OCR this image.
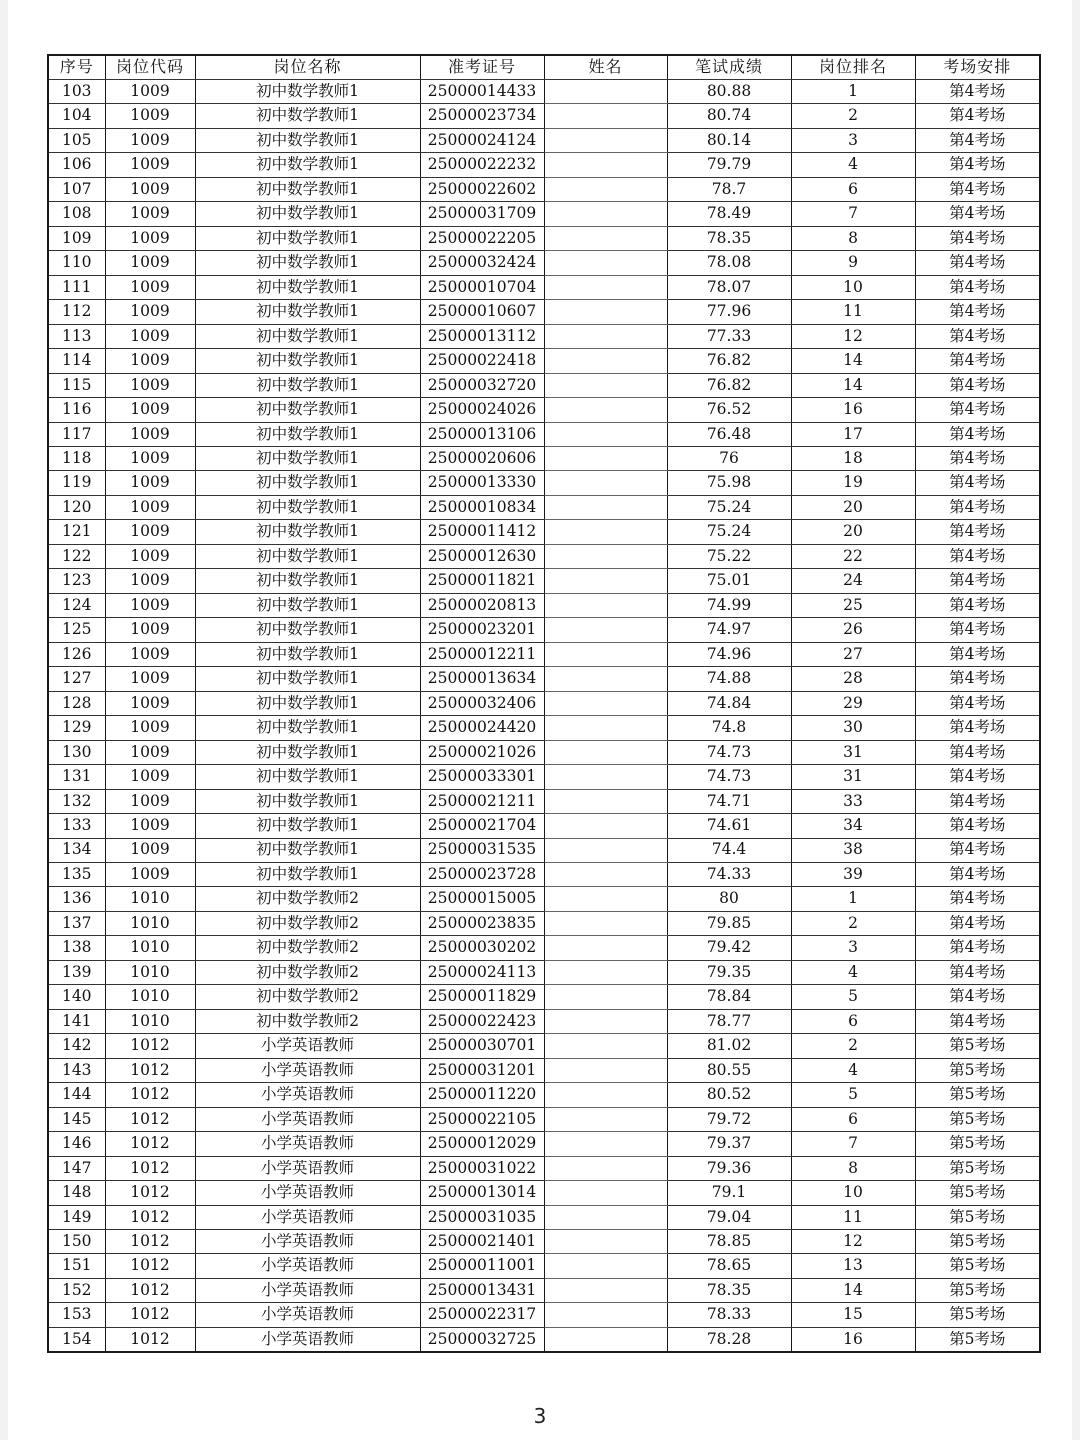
序号	岗位代码	岗位名称	准考证号	姓名	笔试成绩	岗位排名	考场安排
103	1009	初中数学教师1	25000014433		80.88	1	第4考场
104	1009	初中数学教师1	25000023734		80.74	2	第4考场
105	1009	初中数学教师1	25000024124		80.14	3	第4考场
106	1009	初中数学教师1	25000022232		79.79	4	第4考场
107	1009	初中数学教师1	25000022602		78.7	6	第4考场
108	1009	初中数学教师1	25000031709		78.49	7	第4考场
109	1009	初中数学教师1	25000022205		78.35	8	第4考场
110	1009	初中数学教师1	25000032424		78.08	9	第4考场
111	1009	初中数学教师1	25000010704		78.07	10	第4考场
112	1009	初中数学教师1	25000010607		77.96	11	第4考场
113	1009	初中数学教师1	25000013112		77.33	12	第4考场
114	1009	初中数学教师1	25000022418		76.82	14	第4考场
115	1009	初中数学教师1	25000032720		76.82	14	第4考场
116	1009	初中数学教师1	25000024026		76.52	16	第4考场
117	1009	初中数学教师1	25000013106		76.48	17	第4考场
118	1009	初中数学教师1	25000020606		76	18	第4考场
119	1009	初中数学教师1	25000013330		75.98	19	第4考场
120	1009	初中数学教师1	25000010834		75.24	20	第4考场
121	1009	初中数学教师1	25000011412		75.24	20	第4考场
122	1009	初中数学教师1	25000012630		75.22	22	第4考场
123	1009	初中数学教师1	25000011821		75.01	24	第4考场
124	1009	初中数学教师1	25000020813		74.99	25	第4考场
125	1009	初中数学教师1	25000023201		74.97	26	第4考场
126	1009	初中数学教师1	25000012211		74.96	27	第4考场
127	1009	初中数学教师1	25000013634		74.88	28	第4考场
128	1009	初中数学教师1	25000032406		74.84	29	第4考场
129	1009	初中数学教师1	25000024420		74.8	30	第4考场
130	1009	初中数学教师1	25000021026		74.73	31	第4考场
131	1009	初中数学教师1	25000033301		74.73	31	第4考场
132	1009	初中数学教师1	25000021211		74.71	33	第4考场
133	1009	初中数学教师1	25000021704		74.61	34	第4考场
134	1009	初中数学教师1	25000031535		74.4	38	第4考场
135	1009	初中数学教师1	25000023728		74.33	39	第4考场
136	1010	初中数学教师2	25000015005		80	1	第4考场
137	1010	初中数学教师2	25000023835		79.85	2	第4考场
138	1010	初中数学教师2	25000030202		79.42	3	第4考场
139	1010	初中数学教师2	25000024113		79.35	4	第4考场
140	1010	初中数学教师2	25000011829		78.84	5	第4考场
141	1010	初中数学教师2	25000022423		78.77	6	第4考场
142	1012	小学英语教师	25000030701		81.02	2	第5考场
143	1012	小学英语教师	25000031201		80.55	4	第5考场
144	1012	小学英语教师	25000011220		80.52	5	第5考场
145	1012	小学英语教师	25000022105		79.72	6	第5考场
146	1012	小学英语教师	25000012029		79.37	7	第5考场
147	1012	小学英语教师	25000031022		79.36	8	第5考场
148	1012	小学英语教师	25000013014		79.1	10	第5考场
149	1012	小学英语教师	25000031035		79.04	11	第5考场
150	1012	小学英语教师	25000021401		78.85	12	第5考场
151	1012	小学英语教师	25000011001		78.65	13	第5考场
152	1012	小学英语教师	25000013431		78.35	14	第5考场
153	1012	小学英语教师	25000022317		78.33	15	第5考场
154	1012	小学英语教师	25000032725		78.28	16	第5考场
3
